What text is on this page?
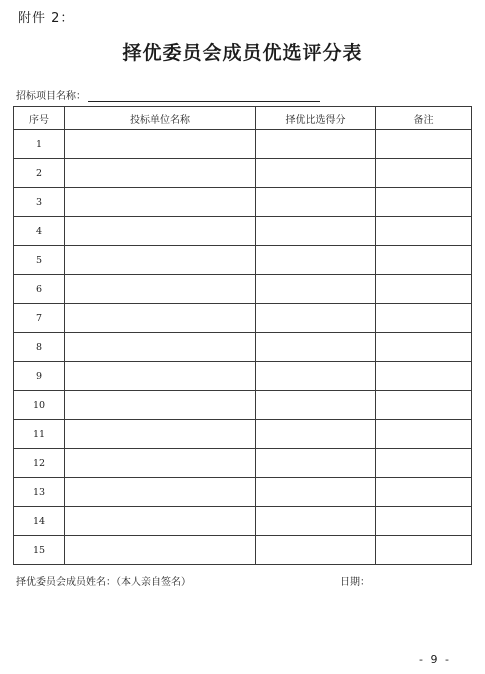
附件 2：
择优委员会成员优选评分表
招标项目名称：
序号	投标单位名称	择优比选得分	备注
1			
2			
3			
4			
5			
6			
7			
8			
9			
10			
11			
12			
13			
14			
15			
择优委员会成员姓名：（本人亲自签名）	日期：
- 9 -
